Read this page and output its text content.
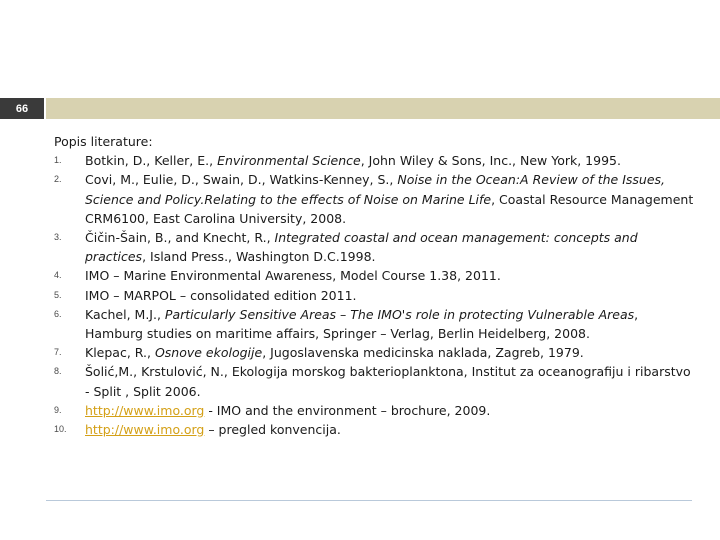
66

Popis literature:

1.	Botkin, D., Keller, E., Environmental Science, John Wiley & Sons, Inc., New York, 1995.
2.	Covi, M., Eulie, D., Swain, D., Watkins-Kenney, S., Noise in the Ocean:A Review of the Issues, Science and Policy.Relating to the effects of Noise on Marine Life, Coastal Resource Management CRM6100, East Carolina University, 2008.
3.	Čičin-Šain, B., and Knecht, R., Integrated coastal and ocean management: concepts and practices, Island Press., Washington D.C.1998.
4.	IMO – Marine Environmental Awareness, Model Course 1.38, 2011.
5.	IMO – MARPOL – consolidated edition 2011.
6.	Kachel, M.J., Particularly Sensitive Areas – The IMO's role in protecting Vulnerable Areas, Hamburg studies on maritime affairs, Springer – Verlag, Berlin Heidelberg, 2008.
7.	Klepac, R., Osnove ekologije, Jugoslavenska medicinska naklada, Zagreb, 1979.
8.	Šolić,M., Krstulović, N., Ekologija morskog bakterioplanktona, Institut za oceanografiju i ribarstvo - Split , Split 2006.
9.	http://www.imo.org - IMO and the environment – brochure, 2009.
10.	http://www.imo.org – pregled konvencija.
